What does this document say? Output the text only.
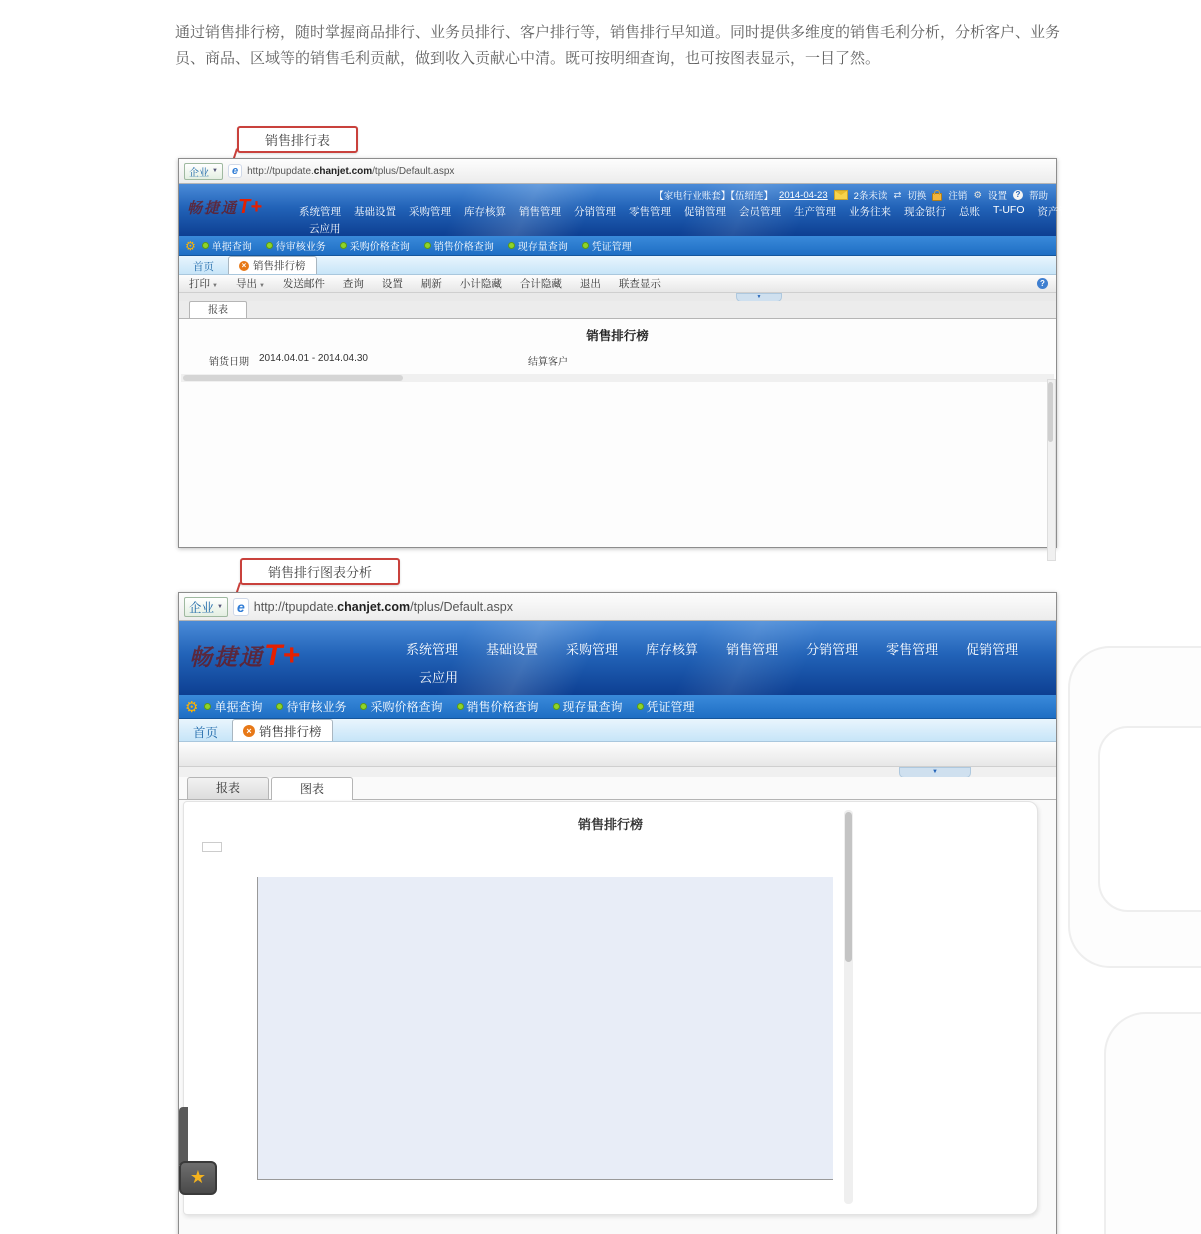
通过销售排行榜，随时掌握商品排行、业务员排行、客户排行等，销售排行早知道。同时提供多维度的销售毛利分析，分析客户、业务员、商品、区域等的销售毛利贡献，做到收入贡献心中清。既可按明细查询，也可按图表显示，一目了然。
销售排行表
企业 ▼	e http://tpupdate.chanjet.com/tplus/Default.aspx
畅捷通T+	【家电行业账套】【伍绍连】 2014-04-23	2条未读 ⇄ 切换 注销 ⚙ 设置	? 帮助
系统管理 基础设置 采购管理 库存核算 销售管理 分销管理 零售管理 促销管理 会员管理 生产管理 业务往来 现金银行 总账 T-UFO 资产管理 报表中心
云应用
⚙ 单据查询 待审核业务 采购价格查询 销售价格查询 现存量查询 凭证管理
首页	× 销售排行榜
?
打印 ▼ 导出 ▼ 发送邮件 查询 设置 刷新 小计隐藏 合计隐藏 退出 联查显示
▼
报表
销售排行榜
销货日期 2014.04.01 - 2014.04.30	结算客户
销售排行图表分析
企业 ▼ e http://tpupdate.chanjet.com/tplus/Default.aspx
畅捷通T+	系统管理 基础设置 采购管理 库存核算 销售管理 分销管理 零售管理 促销管理
云应用
⚙ 单据查询 待审核业务 采购价格查询 销售价格查询 现存量查询 凭证管理
首页	× 销售排行榜
▼
报表	图表
销售排行榜
★
